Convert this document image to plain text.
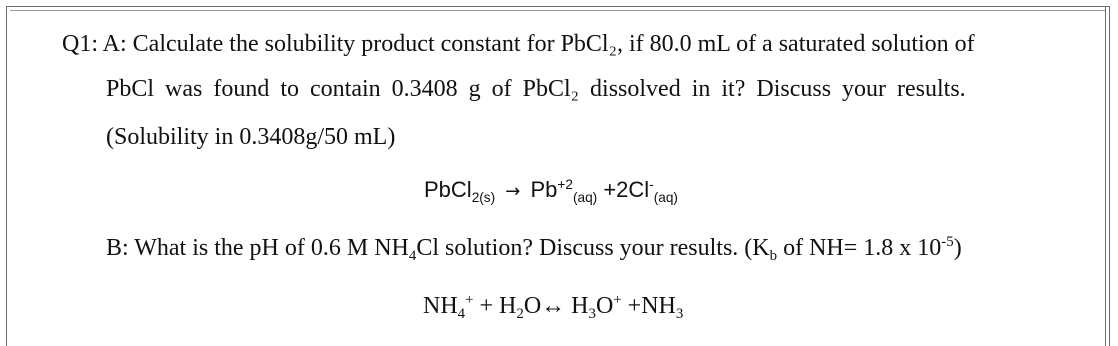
Q1: A: Calculate the solubility product constant for PbCl₂, if 80.0 mL of a saturated solution of
PbCl was found to contain 0.3408 g of PbCl₂ dissolved in it? Discuss your results.
(Solubility in 0.3408g/50 mL)
PbCl$_{2(s)}$ → $Pb^{+2}_{(aq)} +2Cl^-_{(aq)}$
B: What is the pH of 0.6 M $NH_4Cl$ solution? Discuss your results. ($K_b$ of NH= 1.8 x $10^{-5}$)
$NH_4^+$ + $H_2O\leftrightarrow$ $H_3O^+ +NH_3$
